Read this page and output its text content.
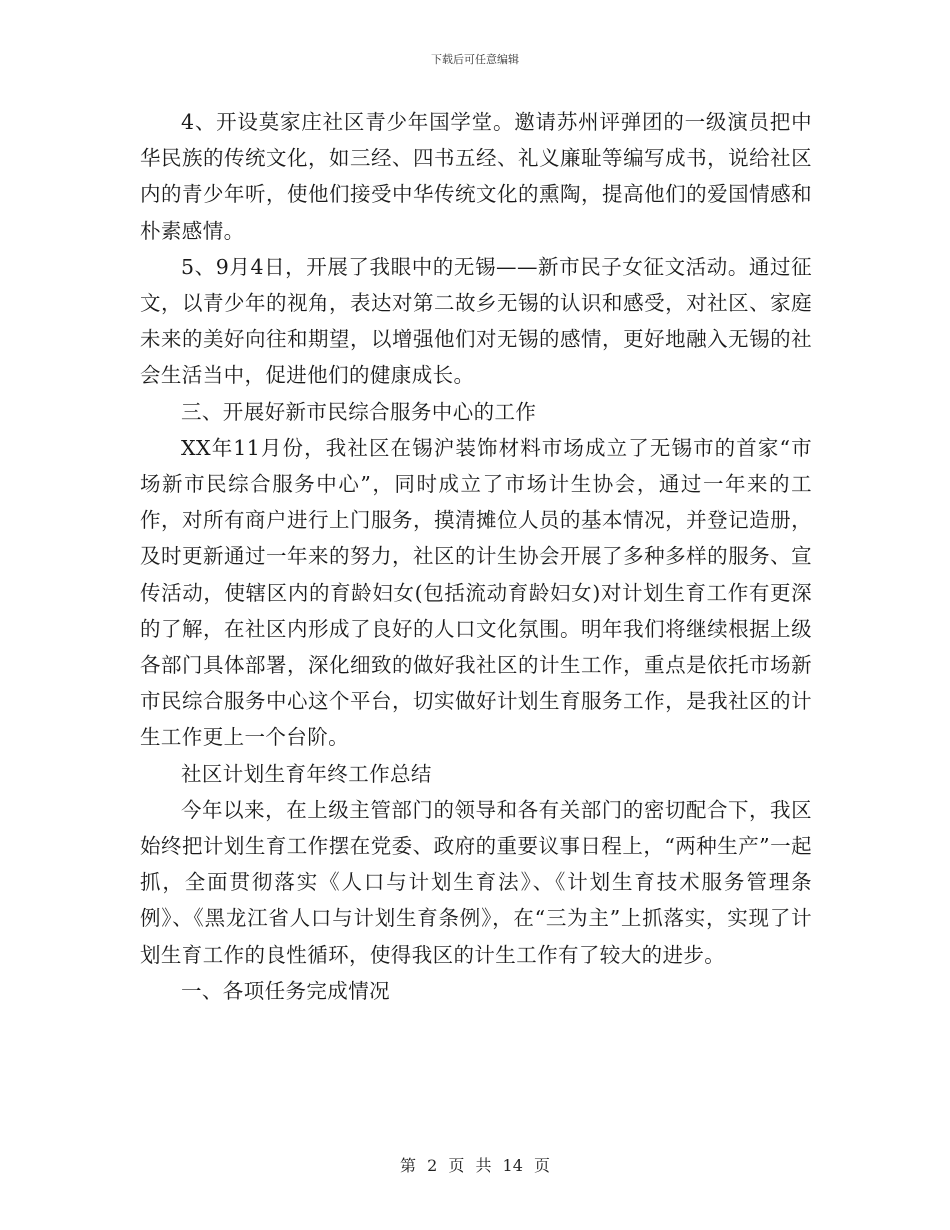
下载后可任意编辑

4、开设莫家庄社区青少年国学堂。邀请苏州评弹团的一级演员把中华民族的传统文化，如三经、四书五经、礼义廉耻等编写成书，说给社区内的青少年听，使他们接受中华传统文化的熏陶，提高他们的爱国情感和朴素感情。

5、9月4日，开展了我眼中的无锡——新市民子女征文活动。通过征文，以青少年的视角，表达对第二故乡无锡的认识和感受，对社区、家庭未来的美好向往和期望，以增强他们对无锡的感情，更好地融入无锡的社会生活当中，促进他们的健康成长。

三、开展好新市民综合服务中心的工作

XX年11月份，我社区在锡沪装饰材料市场成立了无锡市的首家“市场新市民综合服务中心”，同时成立了市场计生协会，通过一年来的工作，对所有商户进行上门服务，摸清摊位人员的基本情况，并登记造册，及时更新通过一年来的努力，社区的计生协会开展了多种多样的服务、宣传活动，使辖区内的育龄妇女(包括流动育龄妇女)对计划生育工作有更深的了解，在社区内形成了良好的人口文化氛围。明年我们将继续根据上级各部门具体部署，深化细致的做好我社区的计生工作，重点是依托市场新市民综合服务中心这个平台，切实做好计划生育服务工作，是我社区的计生工作更上一个台阶。

社区计划生育年终工作总结

今年以来，在上级主管部门的领导和各有关部门的密切配合下，我区始终把计划生育工作摆在党委、政府的重要议事日程上，“两种生产”一起抓，全面贯彻落实《人口与计划生育法》、《计划生育技术服务管理条例》、《黑龙江省人口与计划生育条例》，在“三为主”上抓落实，实现了计划生育工作的良性循环，使得我区的计生工作有了较大的进步。

一、各项任务完成情况

第 2 页 共 14 页
